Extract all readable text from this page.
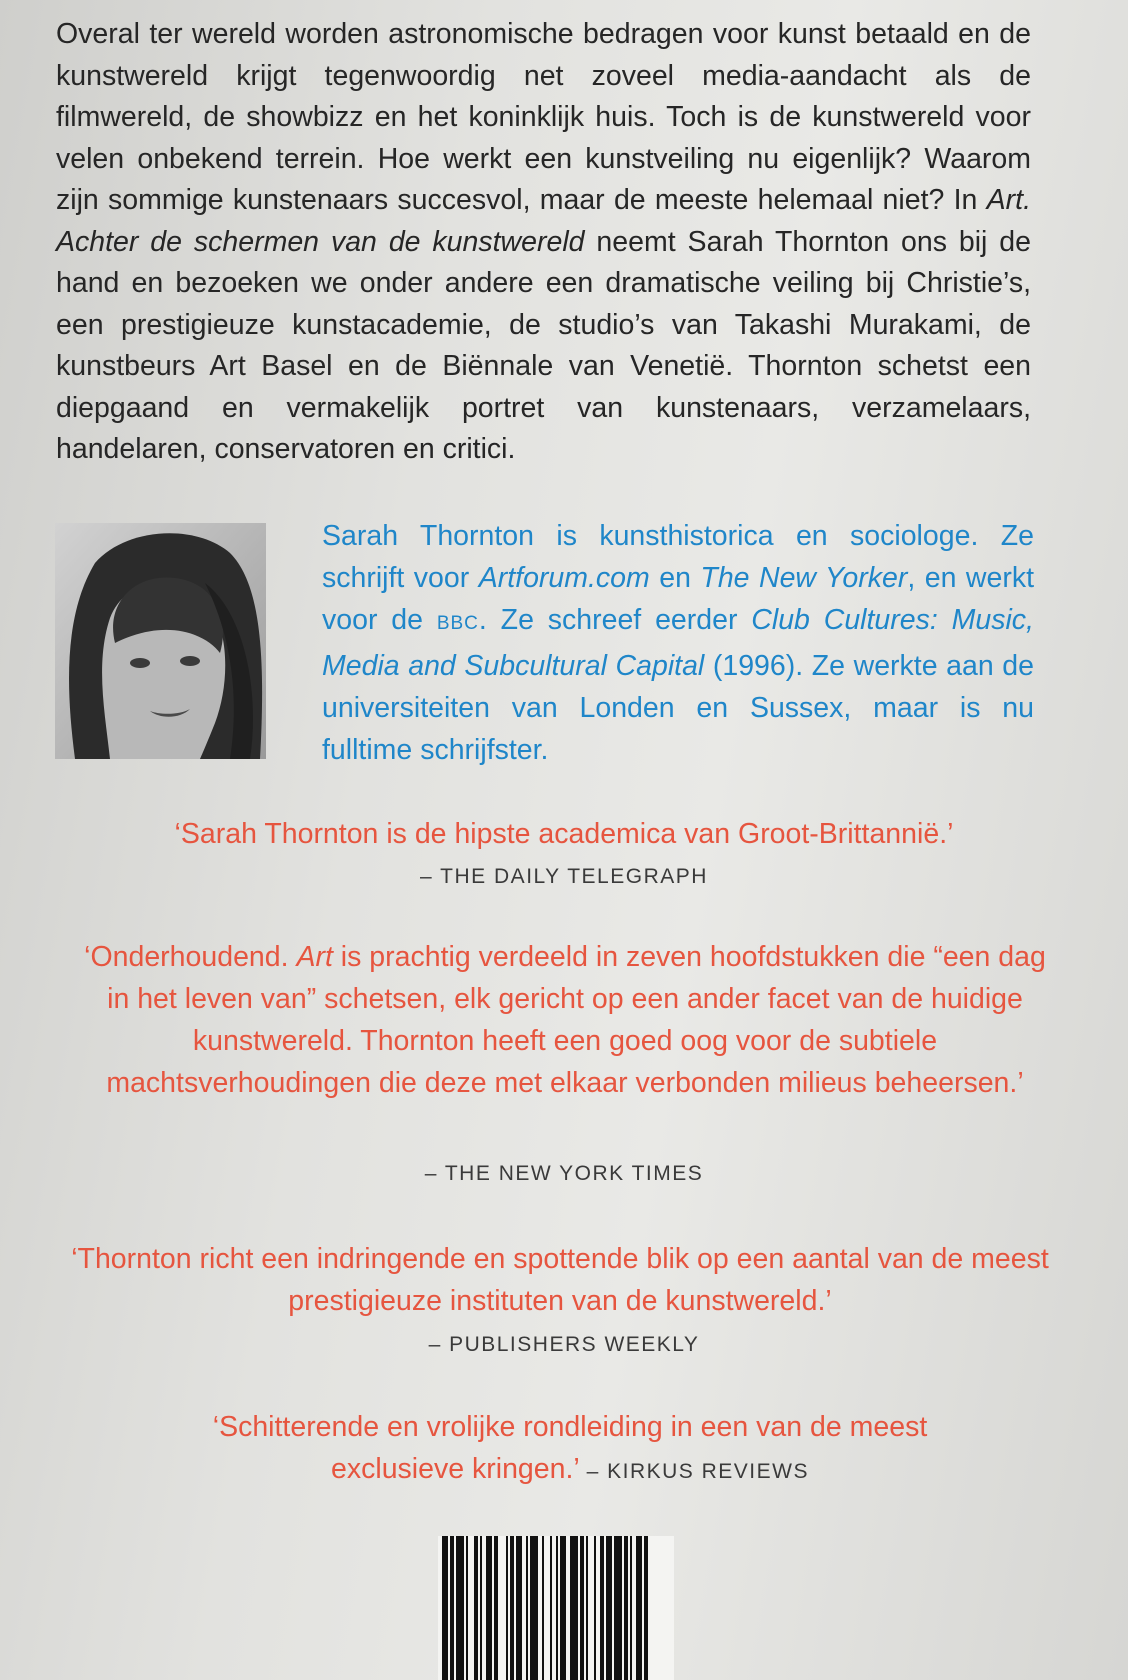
Overal ter wereld worden astronomische bedragen voor kunst betaald en de kunstwereld krijgt tegenwoordig net zoveel media-aandacht als de filmwereld, de showbizz en het koninklijk huis. Toch is de kunstwereld voor velen onbekend terrein. Hoe werkt een kunstveiling nu eigenlijk? Waarom zijn sommige kunstenaars succesvol, maar de meeste helemaal niet? In Art. Achter de schermen van de kunstwereld neemt Sarah Thornton ons bij de hand en bezoeken we onder andere een dramatische veiling bij Christie’s, een prestigieuze kunstacademie, de studio’s van Takashi Murakami, de kunstbeurs Art Basel en de Biënnale van Venetië. Thornton schetst een diepgaand en vermakelijk portret van kunstenaars, verzamelaars, handelaren, conservatoren en critici.

Sarah Thornton is kunsthistorica en sociologe. Ze schrijft voor Artforum.com en The New Yorker, en werkt voor de BBC. Ze schreef eerder Club Cultures: Music, Media and Subcultural Capital (1996). Ze werkte aan de universiteiten van Londen en Sussex, maar is nu fulltime schrijfster.

‘Sarah Thornton is de hipste academica van Groot-Brittannië.’

– THE DAILY TELEGRAPH

‘Onderhoudend. Art is prachtig verdeeld in zeven hoofdstukken die “een dag in het leven van” schetsen, elk gericht op een ander facet van de huidige kunstwereld. Thornton heeft een goed oog voor de subtiele machtsverhoudingen die deze met elkaar verbonden milieus beheersen.’

– THE NEW YORK TIMES

‘Thornton richt een indringende en spottende blik op een aantal van de meest prestigieuze instituten van de kunstwereld.’

– PUBLISHERS WEEKLY

‘Schitterende en vrolijke rondleiding in een van de meest exclusieve kringen.’ – KIRKUS REVIEWS
